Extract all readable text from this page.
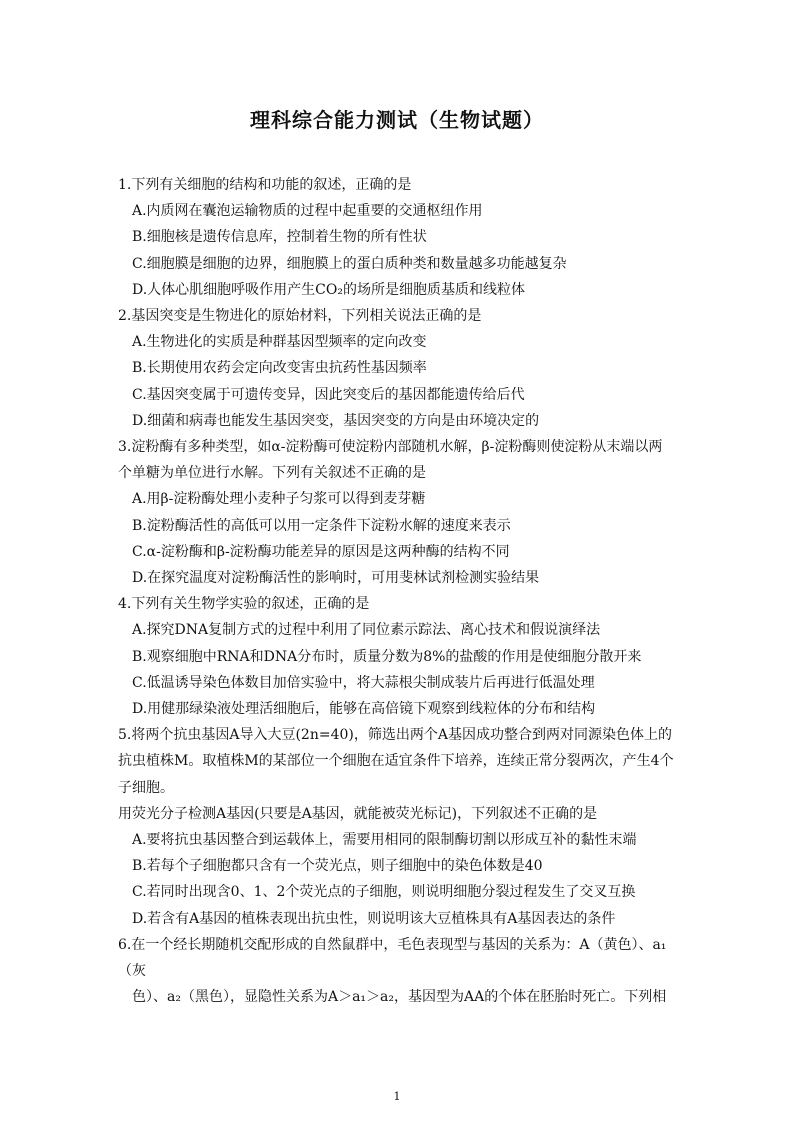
理科综合能力测试（生物试题）
1.下列有关细胞的结构和功能的叙述，正确的是
A.内质网在囊泡运输物质的过程中起重要的交通枢纽作用
B.细胞核是遗传信息库，控制着生物的所有性状
C.细胞膜是细胞的边界，细胞膜上的蛋白质种类和数量越多功能越复杂
D.人体心肌细胞呼吸作用产生CO₂的场所是细胞质基质和线粒体
2.基因突变是生物进化的原始材料，下列相关说法正确的是
A.生物进化的实质是种群基因型频率的定向改变
B.长期使用农药会定向改变害虫抗药性基因频率
C.基因突变属于可遗传变异，因此突变后的基因都能遗传给后代
D.细菌和病毒也能发生基因突变，基因突变的方向是由环境决定的
3.淀粉酶有多种类型，如α-淀粉酶可使淀粉内部随机水解，β-淀粉酶则使淀粉从末端以两
个单糖为单位进行水解。下列有关叙述不正确的是
A.用β-淀粉酶处理小麦种子匀浆可以得到麦芽糖
B.淀粉酶活性的高低可以用一定条件下淀粉水解的速度来表示
C.α-淀粉酶和β-淀粉酶功能差异的原因是这两种酶的结构不同
D.在探究温度对淀粉酶活性的影响时，可用斐林试剂检测实验结果
4.下列有关生物学实验的叙述，正确的是
A.探究DNA复制方式的过程中利用了同位素示踪法、离心技术和假说演绎法
B.观察细胞中RNA和DNA分布时，质量分数为8%的盐酸的作用是使细胞分散开来
C.低温诱导染色体数目加倍实验中，将大蒜根尖制成装片后再进行低温处理
D.用健那绿染液处理活细胞后，能够在高倍镜下观察到线粒体的分布和结构
5.将两个抗虫基因A导入大豆(2n=40)，筛选出两个A基因成功整合到两对同源染色体上的
抗虫植株M。取植株M的某部位一个细胞在适宜条件下培养，连续正常分裂两次，产生4个
子细胞。
用荧光分子检测A基因(只要是A基因，就能被荧光标记)，下列叙述不正确的是
A.要将抗虫基因整合到运载体上，需要用相同的限制酶切割以形成互补的黏性末端
B.若每个子细胞都只含有一个荧光点，则子细胞中的染色体数是40
C.若同时出现含0、1、2个荧光点的子细胞，则说明细胞分裂过程发生了交叉互换
D.若含有A基因的植株表现出抗虫性，则说明该大豆植株具有A基因表达的条件
6.在一个经长期随机交配形成的自然鼠群中，毛色表现型与基因的关系为：A（黄色）、a₁
（灰
色）、a₂（黑色），显隐性关系为A＞a₁＞a₂，基因型为AA的个体在胚胎时死亡。下列相
1
